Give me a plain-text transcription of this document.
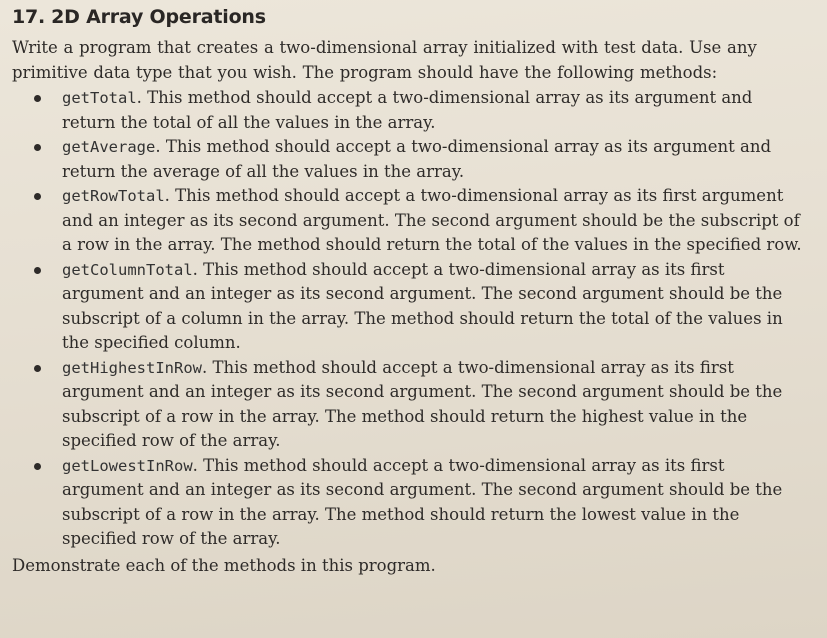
17. 2D Array Operations

Write a program that creates a two-dimensional array initialized with test data. Use any primitive data type that you wish. The program should have the following methods:

getTotal. This method should accept a two-dimensional array as its argument and return the total of all the values in the array.
getAverage. This method should accept a two-dimensional array as its argument and return the average of all the values in the array.
getRowTotal. This method should accept a two-dimensional array as its first argument and an integer as its second argument. The second argument should be the subscript of a row in the array. The method should return the total of the values in the specified row.
getColumnTotal. This method should accept a two-dimensional array as its first argument and an integer as its second argument. The second argument should be the subscript of a column in the array. The method should return the total of the values in the specified column.
getHighestInRow. This method should accept a two-dimensional array as its first argument and an integer as its second argument. The second argument should be the subscript of a row in the array. The method should return the highest value in the specified row of the array.
getLowestInRow. This method should accept a two-dimensional array as its first argument and an integer as its second argument. The second argument should be the subscript of a row in the array. The method should return the lowest value in the specified row of the array.

Demonstrate each of the methods in this program.
